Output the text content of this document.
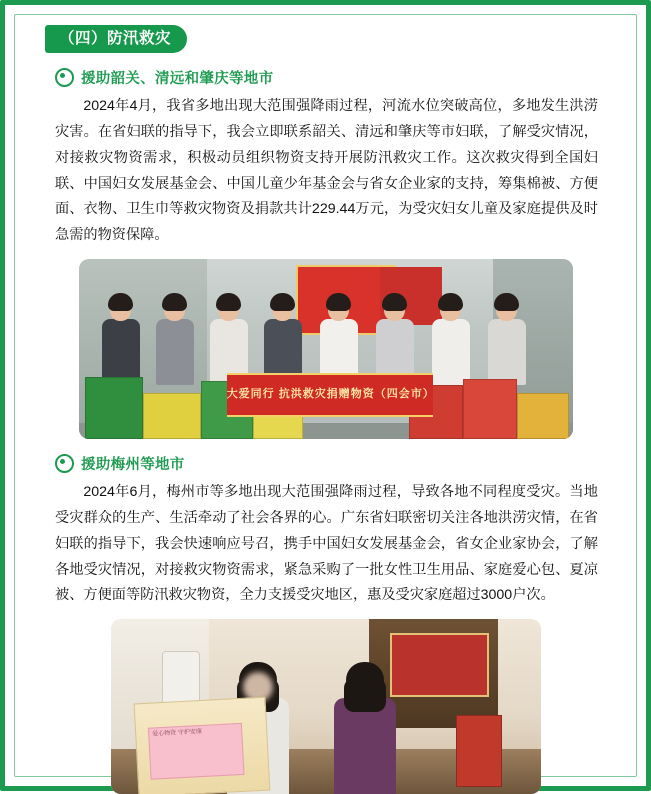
（四）防汛救灾
援助韶关、清远和肇庆等地市

2024年4月，我省多地出现大范围强降雨过程，河流水位突破高位，多地发生洪涝灾害。在省妇联的指导下，我会立即联系韶关、清远和肇庆等市妇联，了解受灾情况，对接救灾物资需求，积极动员组织物资支持开展防汛救灾工作。这次救灾得到全国妇联、中国妇女发展基金会、中国儿童少年基金会与省女企业家的支持，筹集棉被、方便面、衣物、卫生巾等救灾物资及捐款共计229.44万元，为受灾妇女儿童及家庭提供及时急需的物资保障。

大爱同行 抗洪救灾捐赠物资（四会市）
援助梅州等地市

2024年6月，梅州市等多地出现大范围强降雨过程，导致各地不同程度受灾。当地受灾群众的生产、生活牵动了社会各界的心。广东省妇联密切关注各地洪涝灾情，在省妇联的指导下，我会快速响应号召，携手中国妇女发展基金会，省女企业家协会，了解各地受灾情况，对接救灾物资需求，紧急采购了一批女性卫生用品、家庭爱心包、夏凉被、方便面等防汛救灾物资，全力支援受灾地区，惠及受灾家庭超过3000户次。

爱心物资 守护安康
